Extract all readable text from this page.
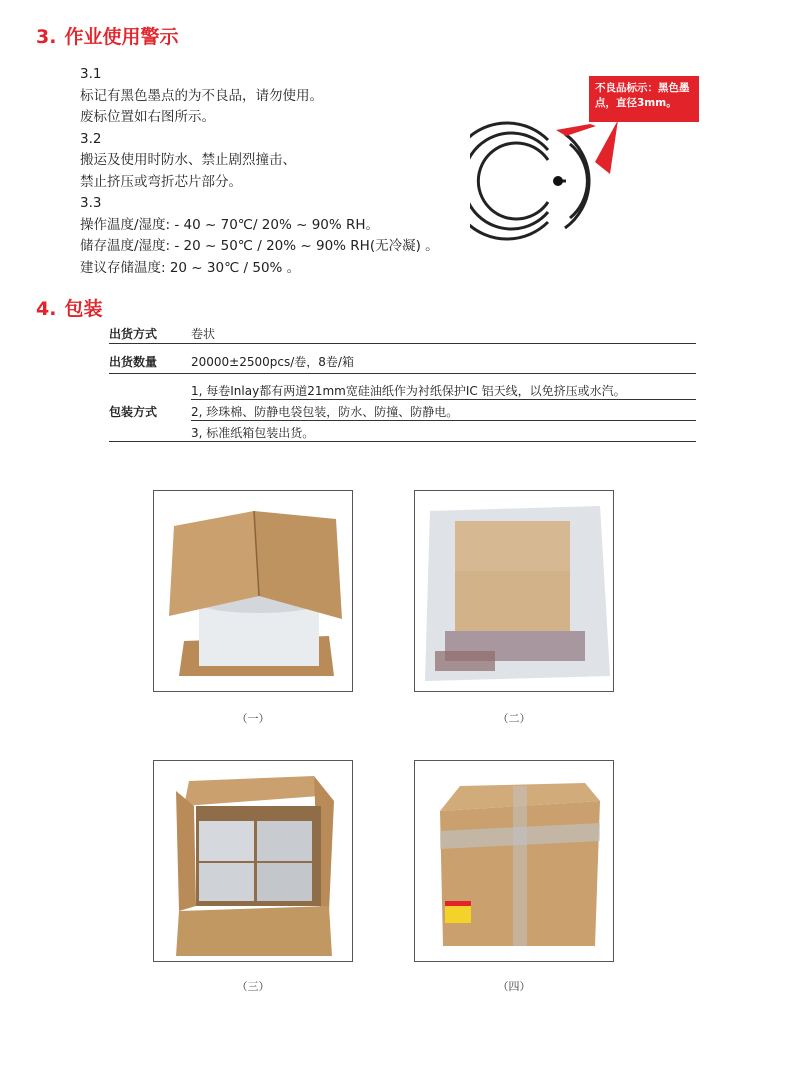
3. 作业使用警示
3.1
标记有黑色墨点的为不良品，请勿使用。
废标位置如右图所示。
3.2
搬运及使用时防水、禁止剧烈撞击、
禁止挤压或弯折芯片部分。
3.3
操作温度/湿度: - 40 ~ 70℃/ 20% ~ 90% RH。
储存温度/湿度: - 20 ~ 50℃ / 20% ~ 90% RH(无冷凝) 。
建议存储温度: 20 ~ 30℃ / 50% 。
不良品标示：黑色墨
点，直径3mm。
4. 包装
出货方式	卷状
出货数量	20000±2500pcs/卷，8卷/箱
包装方式
1, 每卷Inlay都有两道21mm宽硅油纸作为衬纸保护IC 铝天线，以免挤压或水汽。
2, 珍珠棉、防静电袋包装，防水、防撞、防静电。
3, 标准纸箱包装出货。
（一）	（二）
（三）	（四）
